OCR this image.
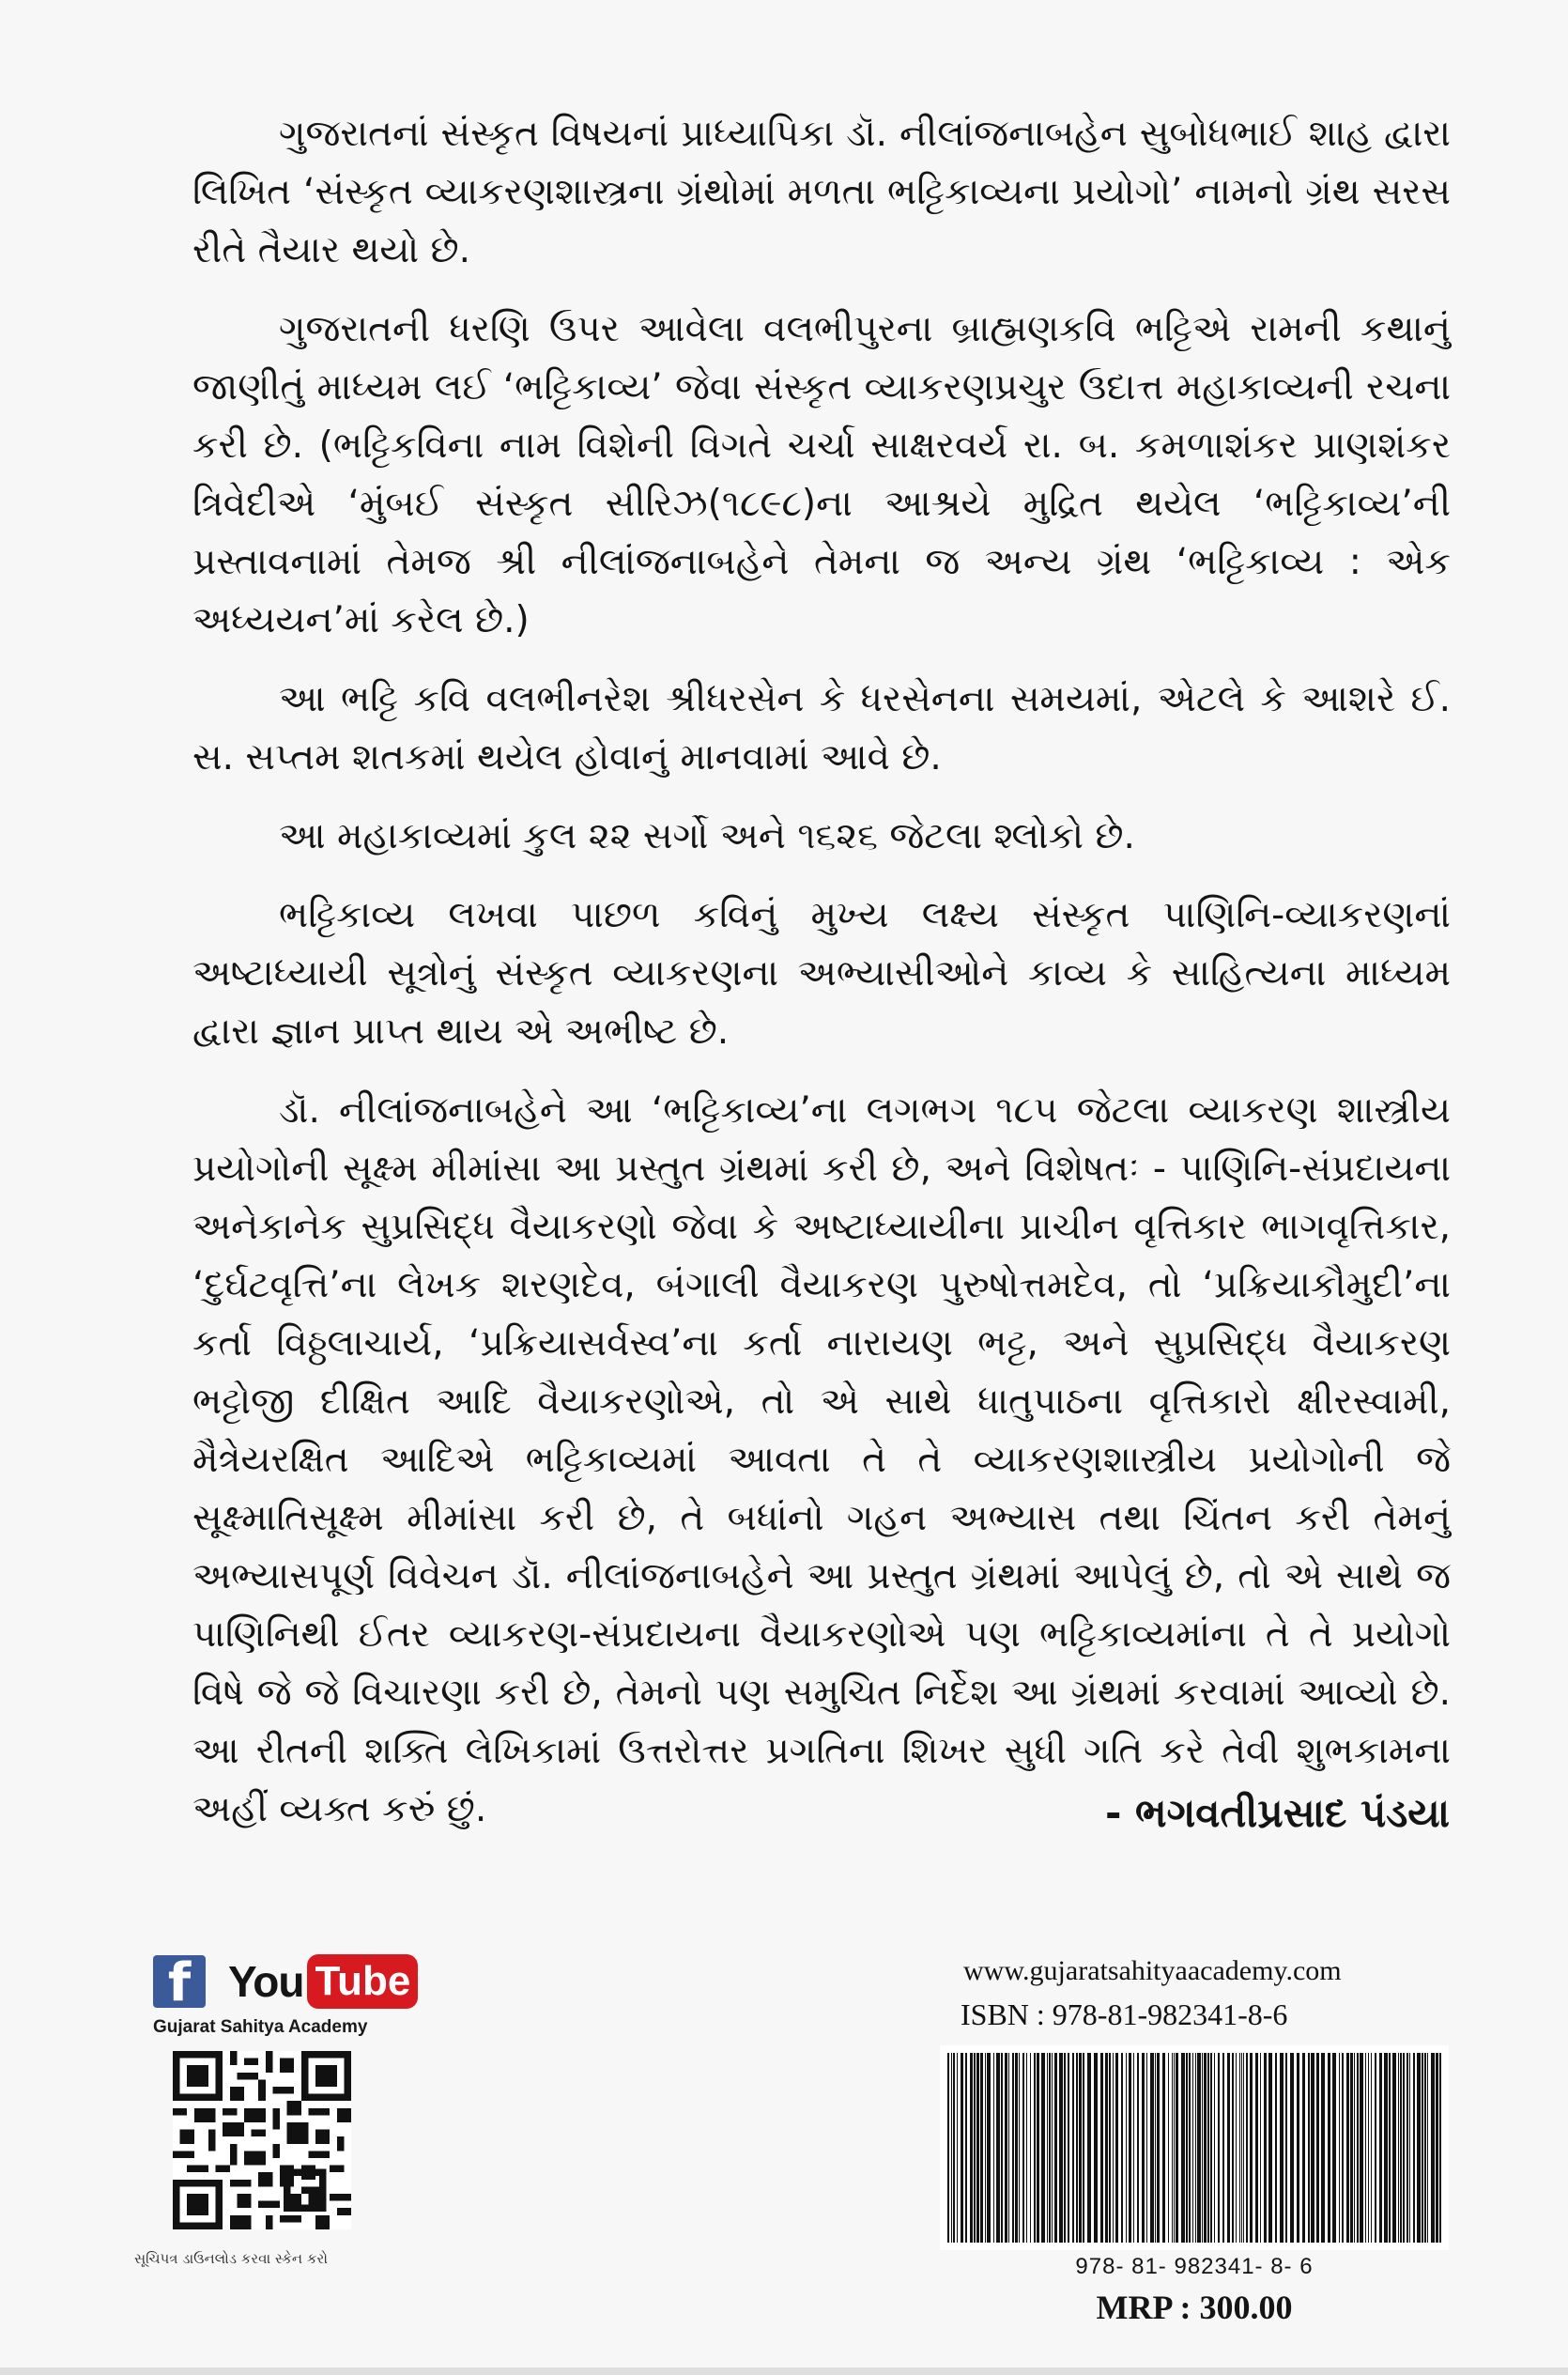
ગુજરાતનાં સંસ્કૃત વિષયનાં પ્રાધ્યાપિકા ડૉ. નીલાંજનાબહેન સુબોધભાઈ શાહ દ્વારા લિખિત ‘સંસ્કૃત વ્યાકરણશાસ્ત્રના ગ્રંથોમાં મળતા ભટ્ટિકાવ્યના પ્રયોગો’ નામનો ગ્રંથ સરસ રીતે તૈયાર થયો છે.

ગુજરાતની ધરણિ ઉપર આવેલા વલભીપુરના બ્રાહ્મણકવિ ભટ્ટિએ રામની કથાનું જાણીતું માધ્યમ લઈ ‘ભટ્ટિકાવ્ય’ જેવા સંસ્કૃત વ્યાકરણપ્રચુર ઉદાત્ત મહાકાવ્યની રચના કરી છે. (ભટ્ટિકવિના નામ વિશેની વિગતે ચર્ચા સાક્ષરવર્ય રા. બ. કમળાશંકર પ્રાણશંકર ત્રિવેદીએ ‘મુંબઈ સંસ્કૃત સીરિઝ(૧૮૯૮)ના આશ્રયે મુદ્રિત થયેલ ‘ભટ્ટિકાવ્ય’ની પ્રસ્તાવનામાં તેમજ શ્રી નીલાંજનાબહેને તેમના જ અન્ય ગ્રંથ ‘ભટ્ટિકાવ્ય : એક અધ્યયન’માં કરેલ છે.)

આ ભટ્ટિ કવિ વલભીનરેશ શ્રીધરસેન કે ધરસેનના સમયમાં, એટલે કે આશરે ઈ. સ. સપ્તમ શતકમાં થયેલ હોવાનું માનવામાં આવે છે.

આ મહાકાવ્યમાં કુલ ૨૨ સર્ગો અને ૧૬૨૬ જેટલા શ્લોકો છે.

ભટ્ટિકાવ્ય લખવા પાછળ કવિનું મુખ્ય લક્ષ્ય સંસ્કૃત પાણિનિ-વ્યાકરણનાં અષ્ટાધ્યાયી સૂત્રોનું સંસ્કૃત વ્યાકરણના અભ્યાસીઓને કાવ્ય કે સાહિત્યના માધ્યમ દ્વારા જ્ઞાન પ્રાપ્ત થાય એ અભીષ્ટ છે.

ડૉ. નીલાંજનાબહેને આ ‘ભટ્ટિકાવ્ય’ના લગભગ ૧૮૫ જેટલા વ્યાકરણ શાસ્ત્રીય પ્રયોગોની સૂક્ષ્મ મીમાંસા આ પ્રસ્તુત ગ્રંથમાં કરી છે, અને વિશેષતઃ - પાણિનિ-સંપ્રદાયના અનેકાનેક સુપ્રસિદ્ધ વૈયાકરણો જેવા કે અષ્ટાધ્યાયીના પ્રાચીન વૃત્તિકાર ભાગવૃત્તિકાર, ‘દુર્ઘટવૃત્તિ’ના લેખક શરણદેવ, બંગાલી વૈયાકરણ પુરુષોત્તમદેવ, તો ‘પ્રક્રિયાકૌમુદી’ના કર્તા વિઠ્ઠલાચાર્ય, ‘પ્રક્રિયાસર્વસ્વ’ના કર્તા નારાયણ ભટ્ટ, અને સુપ્રસિદ્ધ વૈયાકરણ ભટ્ટોજી દીક્ષિત આદિ વૈયાકરણોએ, તો એ સાથે ધાતુપાઠના વૃત્તિકારો ક્ષીરસ્વામી, મૈત્રેયરક્ષિત આદિએ ભટ્ટિકાવ્યમાં આવતા તે તે વ્યાકરણશાસ્ત્રીય પ્રયોગોની જે સૂક્ષ્માતિસૂક્ષ્મ મીમાંસા કરી છે, તે બધાંનો ગહન અભ્યાસ તથા ચિંતન કરી તેમનું અભ્યાસપૂર્ણ વિવેચન ડૉ. નીલાંજનાબહેને આ પ્રસ્તુત ગ્રંથમાં આપેલું છે, તો એ સાથે જ પાણિનિથી ઈતર વ્યાકરણ-સંપ્રદાયના વૈયાકરણોએ પણ ભટ્ટિકાવ્યમાંના તે તે પ્રયોગો વિષે જે જે વિચારણા કરી છે, તેમનો પણ સમુચિત નિર્દેશ આ ગ્રંથમાં કરવામાં આવ્યો છે. આ રીતની શક્તિ લેખિકામાં ઉત્તરોત્તર પ્રગતિના શિખર સુધી ગતિ કરે તેવી શુભકામના અહીં વ્યક્ત કરું છું.	- ભગવતીપ્રસાદ પંડયા
f You Tube
Gujarat Sahitya Academy
સૂચિપત્ર ડાઉનલોડ કરવા સ્કેન કરો
www.gujaratsahityaacademy.com
ISBN : 978-81-982341-8-6
978- 81- 982341- 8- 6
MRP : 300.00
